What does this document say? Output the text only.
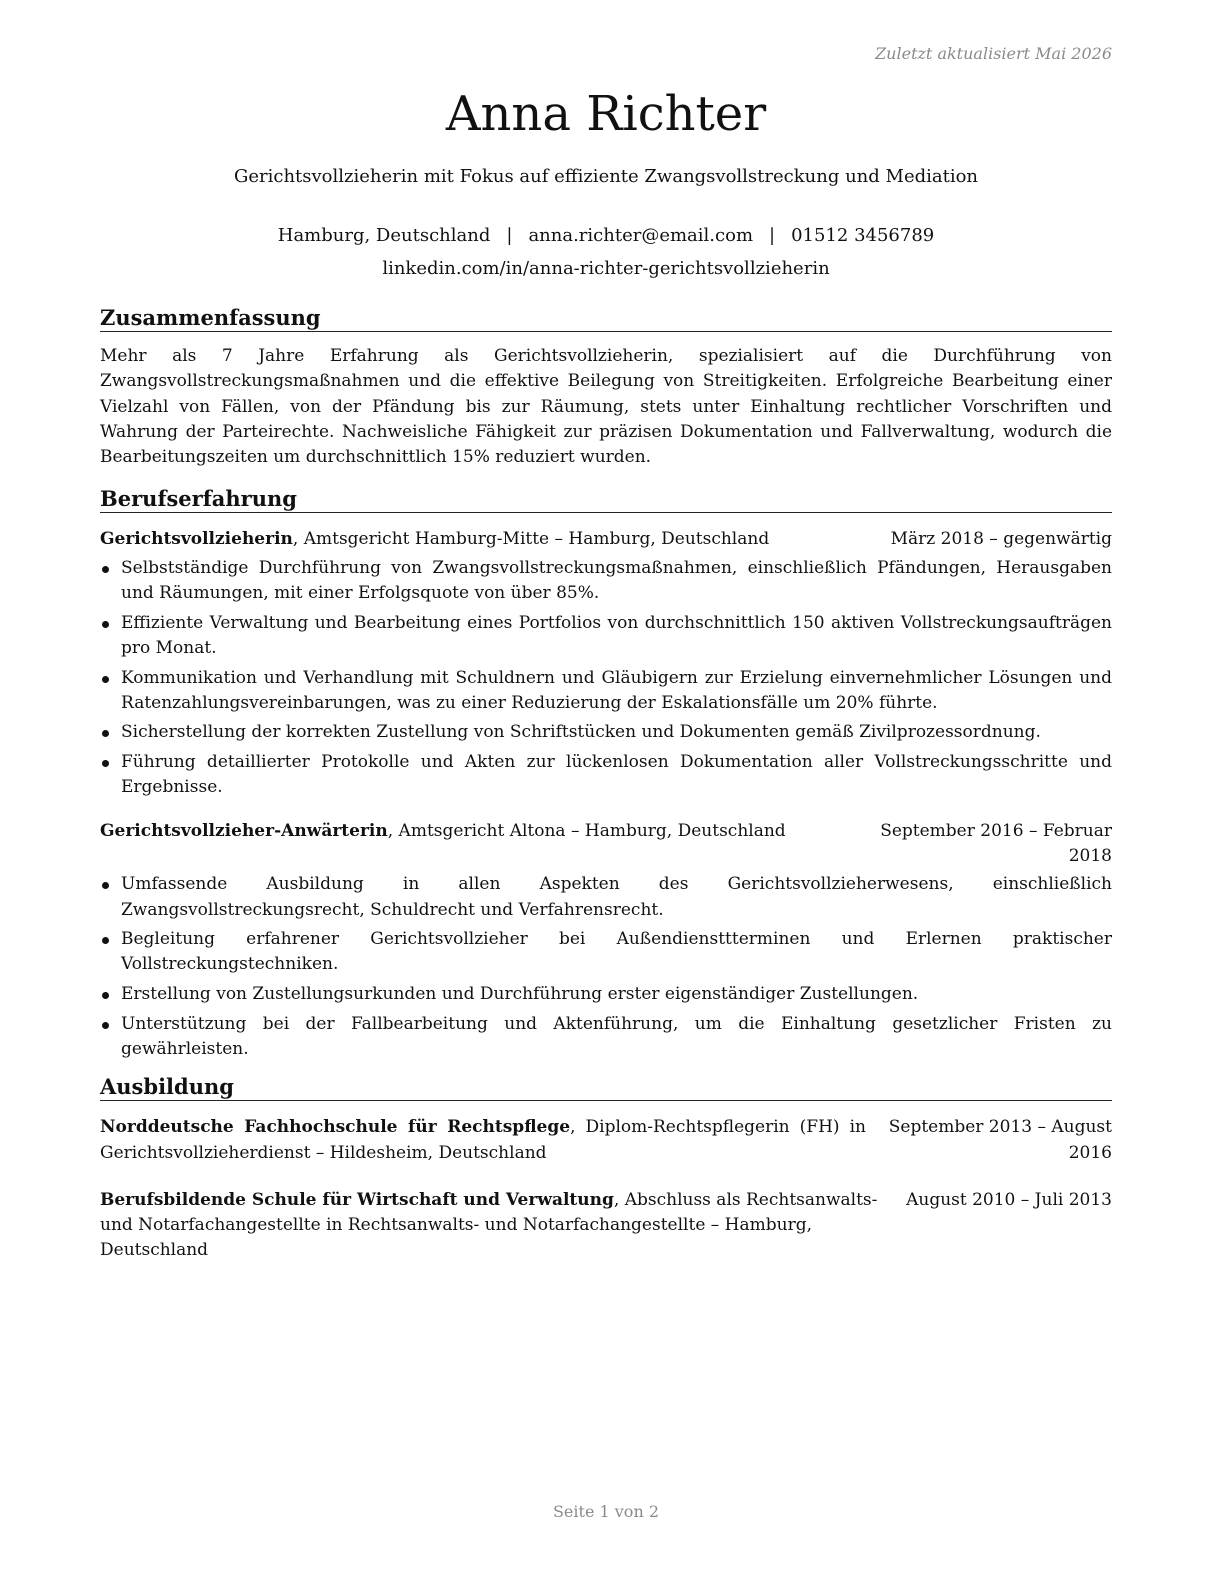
Zuletzt aktualisiert Mai 2026
Anna Richter
Gerichtsvollzieherin mit Fokus auf effiziente Zwangsvollstreckung und Mediation
Hamburg, Deutschland | anna.richter@email.com | 01512 3456789
linkedin.com/in/anna-richter-gerichtsvollzieherin
Zusammenfassung

Mehr als 7 Jahre Erfahrung als Gerichtsvollzieherin, spezialisiert auf die Durchführung von Zwangsvollstreckungsmaßnahmen und die effektive Beilegung von Streitigkeiten. Erfolgreiche Bearbeitung einer Vielzahl von Fällen, von der Pfändung bis zur Räumung, stets unter Einhaltung rechtlicher Vorschriften und Wahrung der Parteirechte. Nachweisliche Fähigkeit zur präzisen Dokumentation und Fallverwaltung, wodurch die Bearbeitungszeiten um durchschnittlich 15% reduziert wurden.

Berufserfahrung
Gerichtsvollzieherin, Amtsgericht Hamburg-Mitte – Hamburg, Deutschland	März 2018 – gegenwärtig
Selbstständige Durchführung von Zwangsvollstreckungsmaßnahmen, einschließlich Pfändungen, Herausgaben und Räumungen, mit einer Erfolgsquote von über 85%.
Effiziente Verwaltung und Bearbeitung eines Portfolios von durchschnittlich 150 aktiven Vollstreckungsaufträgen pro Monat.
Kommunikation und Verhandlung mit Schuldnern und Gläubigern zur Erzielung einvernehmlicher Lösungen und Ratenzahlungsvereinbarungen, was zu einer Reduzierung der Eskalationsfälle um 20% führte.
Sicherstellung der korrekten Zustellung von Schriftstücken und Dokumenten gemäß Zivilprozessordnung.
Führung detaillierter Protokolle und Akten zur lückenlosen Dokumentation aller Vollstreckungsschritte und Ergebnisse.
Gerichtsvollzieher-Anwärterin, Amtsgericht Altona – Hamburg, Deutschland	September 2016 – Februar 2018
Umfassende Ausbildung in allen Aspekten des Gerichtsvollzieherwesens, einschließlich Zwangsvollstreckungsrecht, Schuldrecht und Verfahrensrecht.
Begleitung erfahrener Gerichtsvollzieher bei Außendiensttterminen und Erlernen praktischer Vollstreckungstechniken.
Erstellung von Zustellungsurkunden und Durchführung erster eigenständiger Zustellungen.
Unterstützung bei der Fallbearbeitung und Aktenführung, um die Einhaltung gesetzlicher Fristen zu gewährleisten.
Ausbildung
Norddeutsche Fachhochschule für Rechtspflege, Diplom-Rechtspflegerin (FH) in Gerichtsvollzieherdienst – Hildesheim, Deutschland
September 2013 – August 2016
Berufsbildende Schule für Wirtschaft und Verwaltung, Abschluss als Rechtsanwalts- und Notarfachangestellte in Rechtsanwalts- und Notarfachangestellte – Hamburg, Deutschland
August 2010 – Juli 2013
Seite 1 von 2
